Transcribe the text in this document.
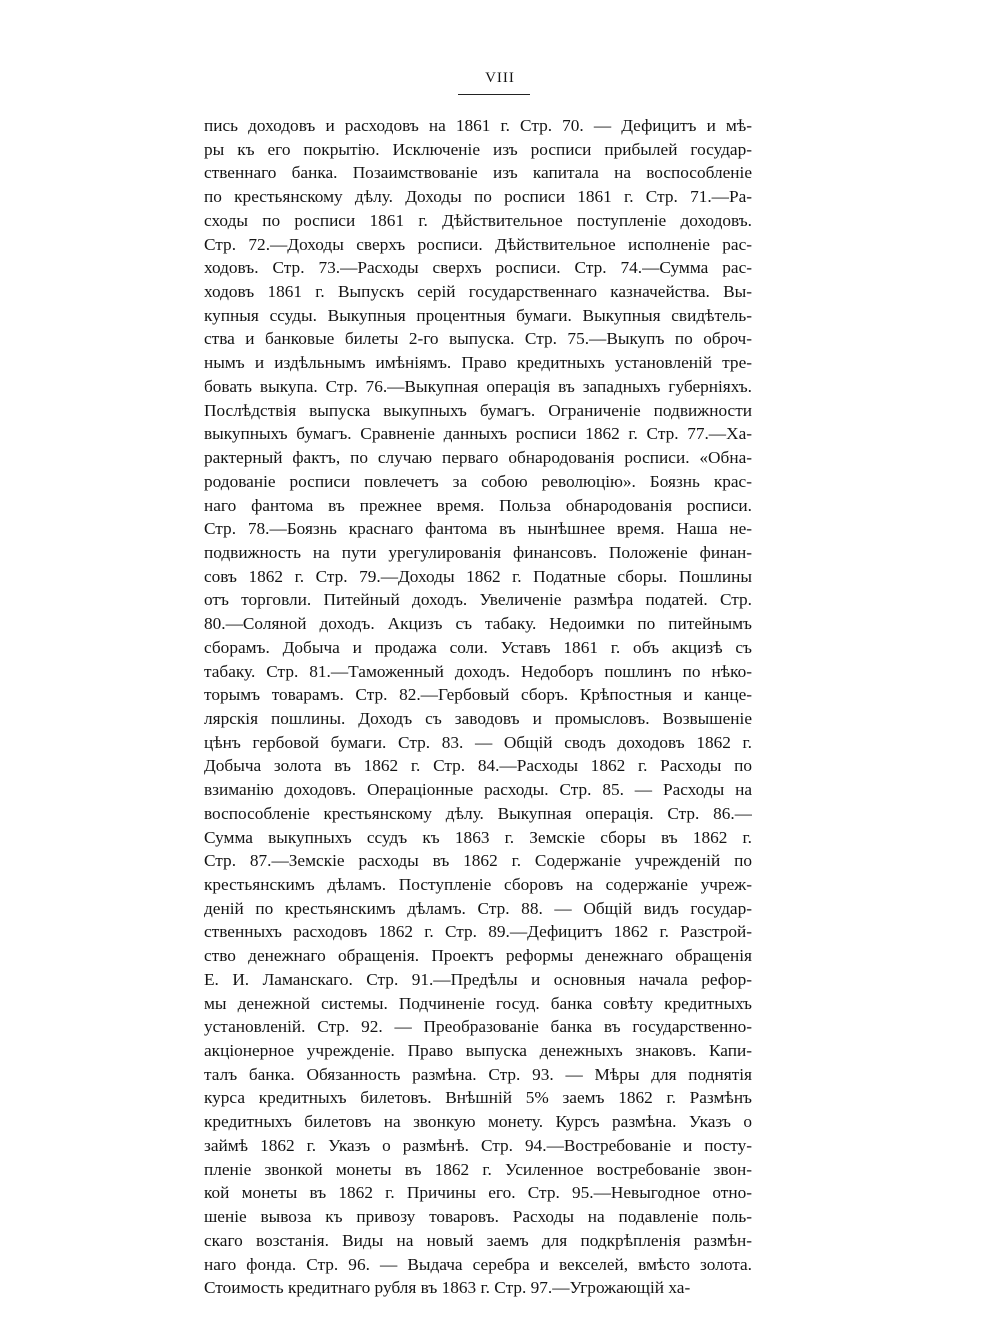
VIII
пись доходовъ и расходовъ на 1861 г. Стр. 70. — Дефицитъ и мѣ-
ры къ его покрытію. Исключеніе изъ росписи прибылей государ-
ственнаго банка. Позаимствованіе изъ капитала на воспособленіе
по крестьянскому дѣлу. Доходы по росписи 1861 г. Стр. 71.—Ра-
сходы по росписи 1861 г. Дѣйствительное поступленіе доходовъ.
Стр. 72.—Доходы сверхъ росписи. Дѣйствительное исполненіе рас-
ходовъ. Стр. 73.—Расходы сверхъ росписи. Стр. 74.—Сумма рас-
ходовъ 1861 г. Выпускъ серій государственнаго казначейства. Вы-
купныя ссуды. Выкупныя процентныя бумаги. Выкупныя свидѣтель-
ства и банковые билеты 2-го выпуска. Стр. 75.—Выкупъ по оброч-
нымъ и издѣльнымъ имѣніямъ. Право кредитныхъ установленій тре-
бовать выкупа. Стр. 76.—Выкупная операція въ западныхъ губерніяхъ.
Послѣдствія выпуска выкупныхъ бумагъ. Ограниченіе подвижности
выкупныхъ бумагъ. Сравненіе данныхъ росписи 1862 г. Стр. 77.—Ха-
рактерный фактъ, по случаю перваго обнародованія росписи. «Обна-
родованіе росписи повлечетъ за собою революцію». Боязнь крас-
наго фантома въ прежнее время. Польза обнародованія росписи.
Стр. 78.—Боязнь краснаго фантома въ нынѣшнее время. Наша не-
подвижность на пути урегулированія финансовъ. Положеніе финан-
совъ 1862 г. Стр. 79.—Доходы 1862 г. Податные сборы. Пошлины
отъ торговли. Питейный доходъ. Увеличеніе размѣра податей. Стр.
80.—Соляной доходъ. Акцизъ съ табаку. Недоимки по питейнымъ
сборамъ. Добыча и продажа соли. Уставъ 1861 г. объ акцизѣ съ
табаку. Стр. 81.—Таможенный доходъ. Недоборъ пошлинъ по нѣко-
торымъ товарамъ. Стр. 82.—Гербовый сборъ. Крѣпостныя и канце-
лярскія пошлины. Доходъ съ заводовъ и промысловъ. Возвышеніе
цѣнъ гербовой бумаги. Стр. 83. — Общій сводъ доходовъ 1862 г.
Добыча золота въ 1862 г. Стр. 84.—Расходы 1862 г. Расходы по
взиманію доходовъ. Операціонные расходы. Стр. 85. — Расходы на
воспособленіе крестьянскому дѣлу. Выкупная операція. Стр. 86.—
Сумма выкупныхъ ссудъ къ 1863 г. Земскіе сборы въ 1862 г.
Стр. 87.—Земскіе расходы въ 1862 г. Содержаніе учрежденій по
крестьянскимъ дѣламъ. Поступленіе сборовъ на содержаніе учреж-
деній по крестьянскимъ дѣламъ. Стр. 88. — Общій видъ государ-
ственныхъ расходовъ 1862 г. Стр. 89.—Дефицитъ 1862 г. Разстрой-
ство денежнаго обращенія. Проектъ реформы денежнаго обращенія
Е. И. Ламанскаго. Стр. 91.—Предѣлы и основныя начала рефор-
мы денежной системы. Подчиненіе госуд. банка совѣту кредитныхъ
установленій. Стр. 92. — Преобразованіе банка въ государственно-
акціонерное учрежденіе. Право выпуска денежныхъ знаковъ. Капи-
талъ банка. Обязанность размѣна. Стр. 93. — Мѣры для поднятія
курса кредитныхъ билетовъ. Внѣшній 5% заемъ 1862 г. Размѣнъ
кредитныхъ билетовъ на звонкую монету. Курсъ размѣна. Указъ о
займѣ 1862 г. Указъ о размѣнѣ. Стр. 94.—Востребованіе и посту-
пленіе звонкой монеты въ 1862 г. Усиленное востребованіе звон-
кой монеты въ 1862 г. Причины его. Стр. 95.—Невыгодное отно-
шеніе вывоза къ привозу товаровъ. Расходы на подавленіе поль-
скаго возстанія. Виды на новый заемъ для подкрѣпленія размѣн-
наго фонда. Стр. 96. — Выдача серебра и векселей, вмѣсто золота.
Стоимость кредитнаго рубля въ 1863 г. Стр. 97.—Угрожающій ха-
